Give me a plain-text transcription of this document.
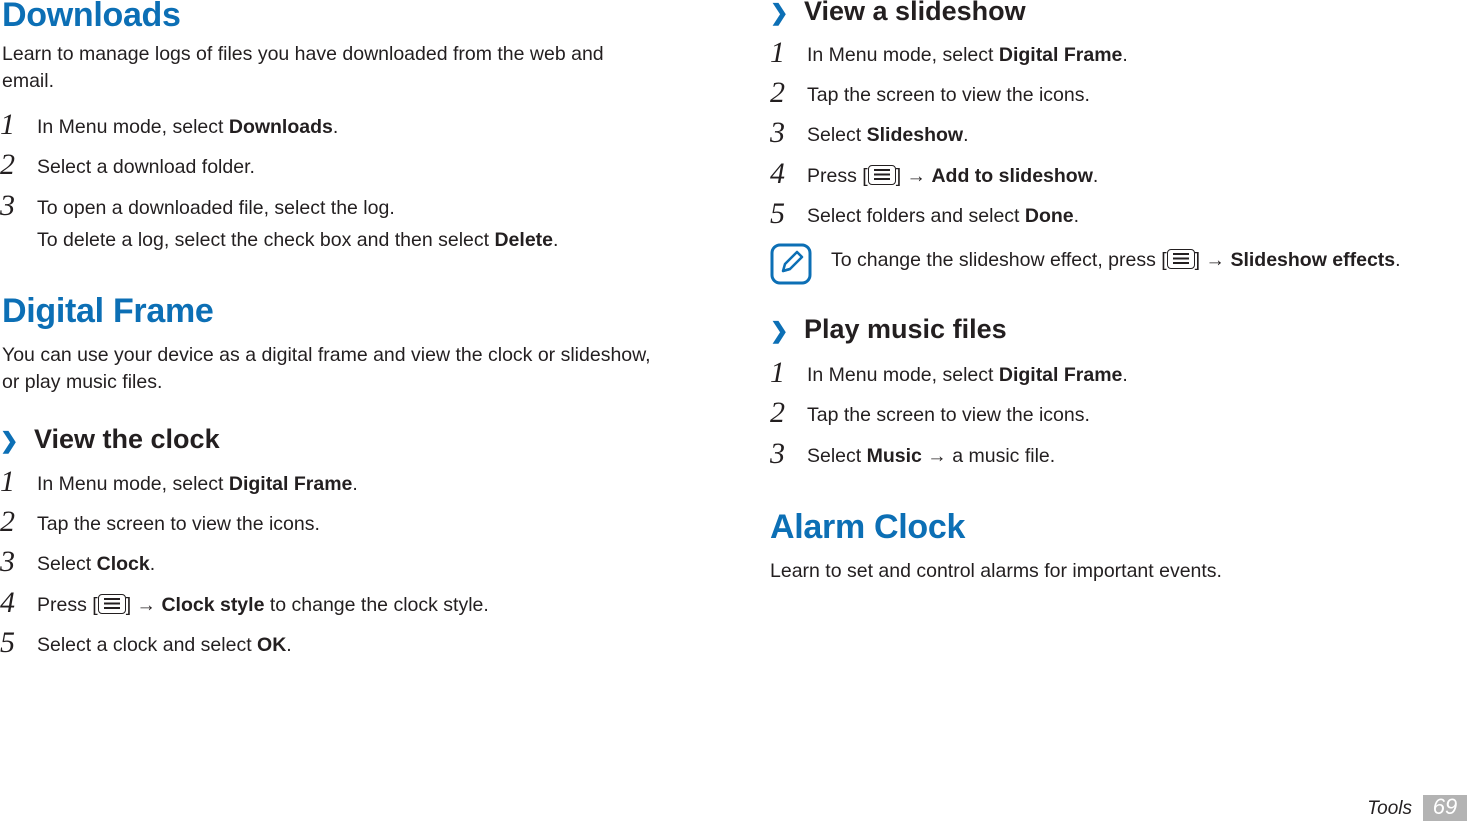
Downloads

Learn to manage logs of files you have downloaded from the web and
email.

1 In Menu mode, select Downloads.
2 Select a download folder.
3 To open a downloaded file, select the log.
To delete a log, select the check box and then select Delete.
Digital Frame

You can use your device as a digital frame and view the clock or slideshow,
or play music files.

❯ View the clock
1 In Menu mode, select Digital Frame.
2 Tap the screen to view the icons.
3 Select Clock.
4 Press [ ] → Clock style to change the clock style.
5 Select a clock and select OK.
❯ View a slideshow
1 In Menu mode, select Digital Frame.
2 Tap the screen to view the icons.
3 Select Slideshow.
4 Press [ ] → Add to slideshow.
5 Select folders and select Done.
To change the slideshow effect, press [ ] → Slideshow effects.
❯ Play music files
1 In Menu mode, select Digital Frame.
2 Tap the screen to view the icons.
3 Select Music → a music file.
Alarm Clock

Learn to set and control alarms for important events.

Tools 69
